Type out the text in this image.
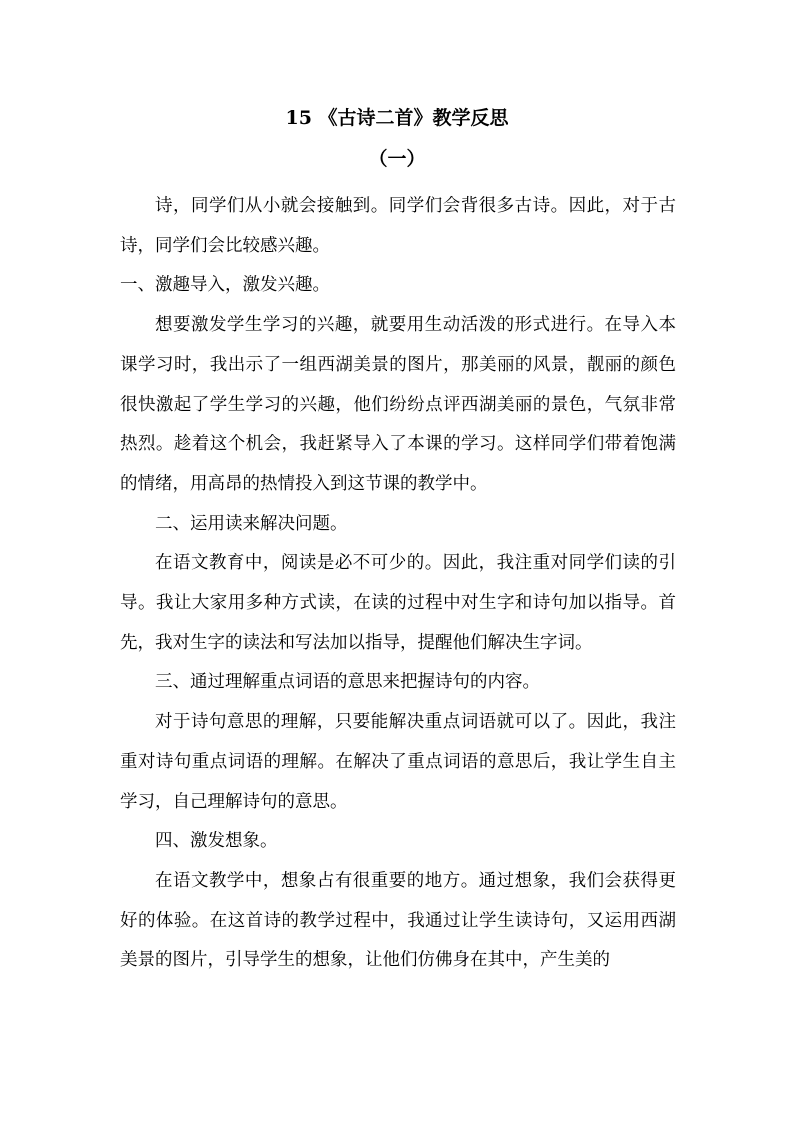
15 《古诗二首》教学反思
（一）

诗，同学们从小就会接触到。同学们会背很多古诗。因此，对于古诗，同学们会比较感兴趣。

一、激趣导入，激发兴趣。

想要激发学生学习的兴趣，就要用生动活泼的形式进行。在导入本课学习时，我出示了一组西湖美景的图片，那美丽的风景，靓丽的颜色很快激起了学生学习的兴趣，他们纷纷点评西湖美丽的景色，气氛非常热烈。趁着这个机会，我赶紧导入了本课的学习。这样同学们带着饱满的情绪，用高昂的热情投入到这节课的教学中。

二、运用读来解决问题。

在语文教育中，阅读是必不可少的。因此，我注重对同学们读的引导。我让大家用多种方式读，在读的过程中对生字和诗句加以指导。首先，我对生字的读法和写法加以指导，提醒他们解决生字词。

三、通过理解重点词语的意思来把握诗句的内容。

对于诗句意思的理解，只要能解决重点词语就可以了。因此，我注重对诗句重点词语的理解。在解决了重点词语的意思后，我让学生自主学习，自己理解诗句的意思。

四、激发想象。

在语文教学中，想象占有很重要的地方。通过想象，我们会获得更好的体验。在这首诗的教学过程中，我通过让学生读诗句，又运用西湖美景的图片，引导学生的想象，让他们仿佛身在其中，产生美的
